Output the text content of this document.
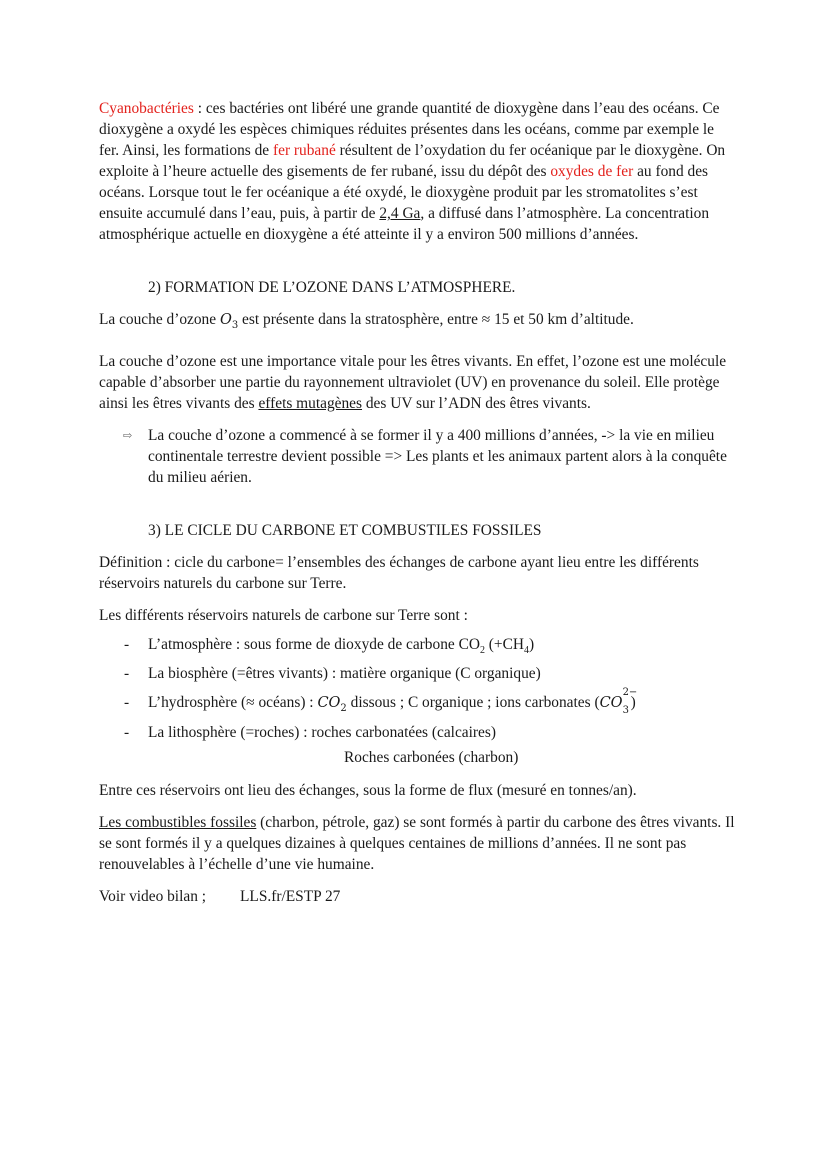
Cyanobactéries : ces bactéries ont libéré une grande quantité de dioxygène dans l’eau des océans. Ce dioxygène a oxydé les espèces chimiques réduites présentes dans les océans, comme par exemple le fer. Ainsi, les formations de fer rubané résultent de l’oxydation du fer océanique par le dioxygène. On exploite à l’heure actuelle des gisements de fer rubané, issu du dépôt des oxydes de fer au fond des océans. Lorsque tout le fer océanique a été oxydé, le dioxygène produit par les stromatolites s’est ensuite accumulé dans l’eau, puis, à partir de 2,4 Ga, a diffusé dans l’atmosphère. La concentration atmosphérique actuelle en dioxygène a été atteinte il y a environ 500 millions d’années.

2) FORMATION DE L’OZONE DANS L’ATMOSPHERE.

La couche d’ozone $O_3$ est présente dans la stratosphère, entre ≈ 15 et 50 km d’altitude.

La couche d’ozone est une importance vitale pour les êtres vivants. En effet, l’ozone est une molécule capable d’absorber une partie du rayonnement ultraviolet (UV) en provenance du soleil. Elle protège ainsi les êtres vivants des effets mutagènes des UV sur l’ADN des êtres vivants.

⇨	La couche d’ozone a commencé à se former il y a 400 millions d’années, -> la vie en milieu continentale terrestre devient possible => Les plants et les animaux partent alors à la conquête du milieu aérien.

3) LE CICLE DU CARBONE ET COMBUSTILES FOSSILES

Définition : cicle du carbone= l’ensembles des échanges de carbone ayant lieu entre les différents réservoirs naturels du carbone sur Terre.

Les différents réservoirs naturels de carbone sur Terre sont :

-	L’atmosphère : sous forme de dioxyde de carbone $CO_2$ $(+CH_4)$
-	La biosphère (=êtres vivants) : matière organique (C organique)
-	L’hydrosphère (≈ océans) : $CO_2$ dissous ; C organique ; ions carbonates (CO
2−
3 )
-	La lithosphère (=roches) : roches carbonatées (calcaires)

Roches carbonées (charbon)

Entre ces réservoirs ont lieu des échanges, sous la forme de flux (mesuré en tonnes/an).

Les combustibles fossiles (charbon, pétrole, gaz) se sont formés à partir du carbone des êtres vivants. Il se sont formés il y a quelques dizaines à quelques centaines de millions d’années. Il ne sont pas renouvelables à l’échelle d’une vie humaine.

Voir video bilan ; LLS.fr/ESTP 27
